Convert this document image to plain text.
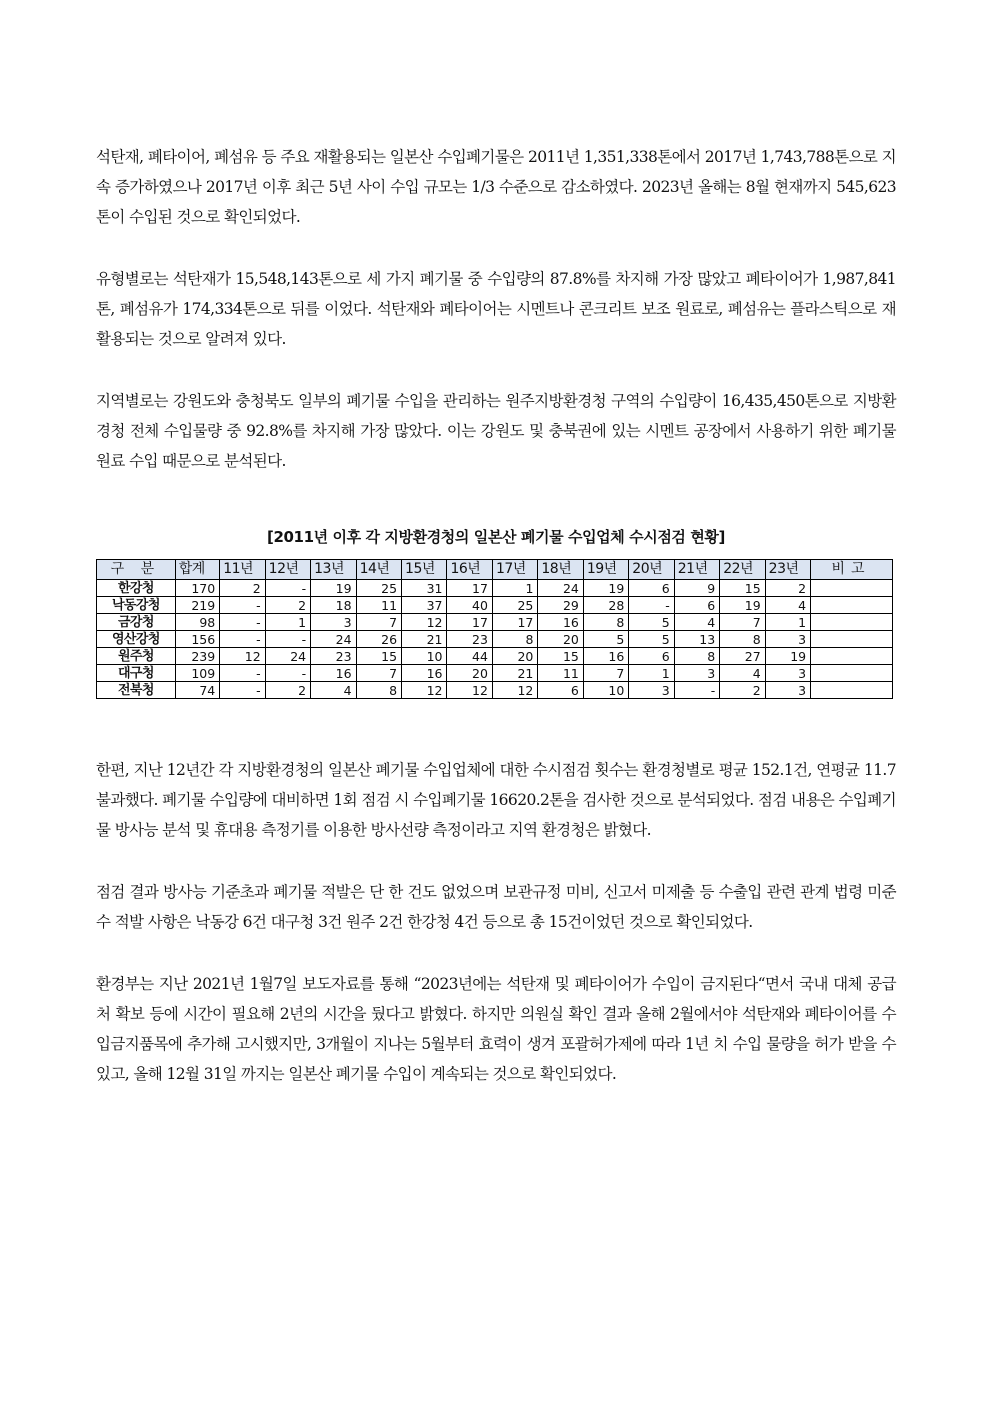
석탄재, 폐타이어, 폐섬유 등 주요 재활용되는 일본산 수입폐기물은 2011년 1,351,338톤에서 2017년 1,743,788톤으로 지속 증가하였으나 2017년 이후 최근 5년 사이 수입 규모는 1/3 수준으로 감소하였다. 2023년 올해는 8월 현재까지 545,623톤이 수입된 것으로 확인되었다.

유형별로는 석탄재가 15,548,143톤으로 세 가지 폐기물 중 수입량의 87.8%를 차지해 가장 많았고 폐타이어가 1,987,841톤, 폐섬유가 174,334톤으로 뒤를 이었다. 석탄재와 폐타이어는 시멘트나 콘크리트 보조 원료로, 폐섬유는 플라스틱으로 재활용되는 것으로 알려져 있다.

지역별로는 강원도와 충청북도 일부의 폐기물 수입을 관리하는 원주지방환경청 구역의 수입량이 16,435,450톤으로 지방환경청 전체 수입물량 중 92.8%를 차지해 가장 많았다. 이는 강원도 및 충북권에 있는 시멘트 공장에서 사용하기 위한 폐기물 원료 수입 때문으로 분석된다.

[2011년 이후 각 지방환경청의 일본산 폐기물 수입업체 수시점검 현황]
구 분	합계	11년	12년	13년	14년	15년	16년	17년	18년	19년	20년	21년	22년	23년	비고
한강청	170	2	-	19	25	31	17	1	24	19	6	9	15	2	
낙동강청	219	-	2	18	11	37	40	25	29	28	-	6	19	4	
금강청	98	-	1	3	7	12	17	17	16	8	5	4	7	1	
영산강청	156	-	-	24	26	21	23	8	20	5	5	13	8	3	
원주청	239	12	24	23	15	10	44	20	15	16	6	8	27	19	
대구청	109	-	-	16	7	16	20	21	11	7	1	3	4	3	
전북청	74	-	2	4	8	12	12	12	6	10	3	-	2	3	

한편, 지난 12년간 각 지방환경청의 일본산 폐기물 수입업체에 대한 수시점검 횟수는 환경청별로 평균 152.1건, 연평균 11.7 불과했다. 폐기물 수입량에 대비하면 1회 점검 시 수입폐기물 16620.2톤을 검사한 것으로 분석되었다. 점검 내용은 수입폐기물 방사능 분석 및 휴대용 측정기를 이용한 방사선량 측정이라고 지역 환경청은 밝혔다.

점검 결과 방사능 기준초과 폐기물 적발은 단 한 건도 없었으며 보관규정 미비, 신고서 미제출 등 수출입 관련 관계 법령 미준수 적발 사항은 낙동강 6건 대구청 3건 원주 2건 한강청 4건 등으로 총 15건이었던 것으로 확인되었다.

환경부는 지난 2021년 1월7일 보도자료를 통해 “2023년에는 석탄재 및 폐타이어가 수입이 금지된다“면서 국내 대체 공급처 확보 등에 시간이 필요해 2년의 시간을 뒀다고 밝혔다. 하지만 의원실 확인 결과 올해 2월에서야 석탄재와 폐타이어를 수입금지품목에 추가해 고시했지만, 3개월이 지나는 5월부터 효력이 생겨 포괄허가제에 따라 1년 치 수입 물량을 허가 받을 수 있고, 올해 12월 31일 까지는 일본산 폐기물 수입이 계속되는 것으로 확인되었다.
